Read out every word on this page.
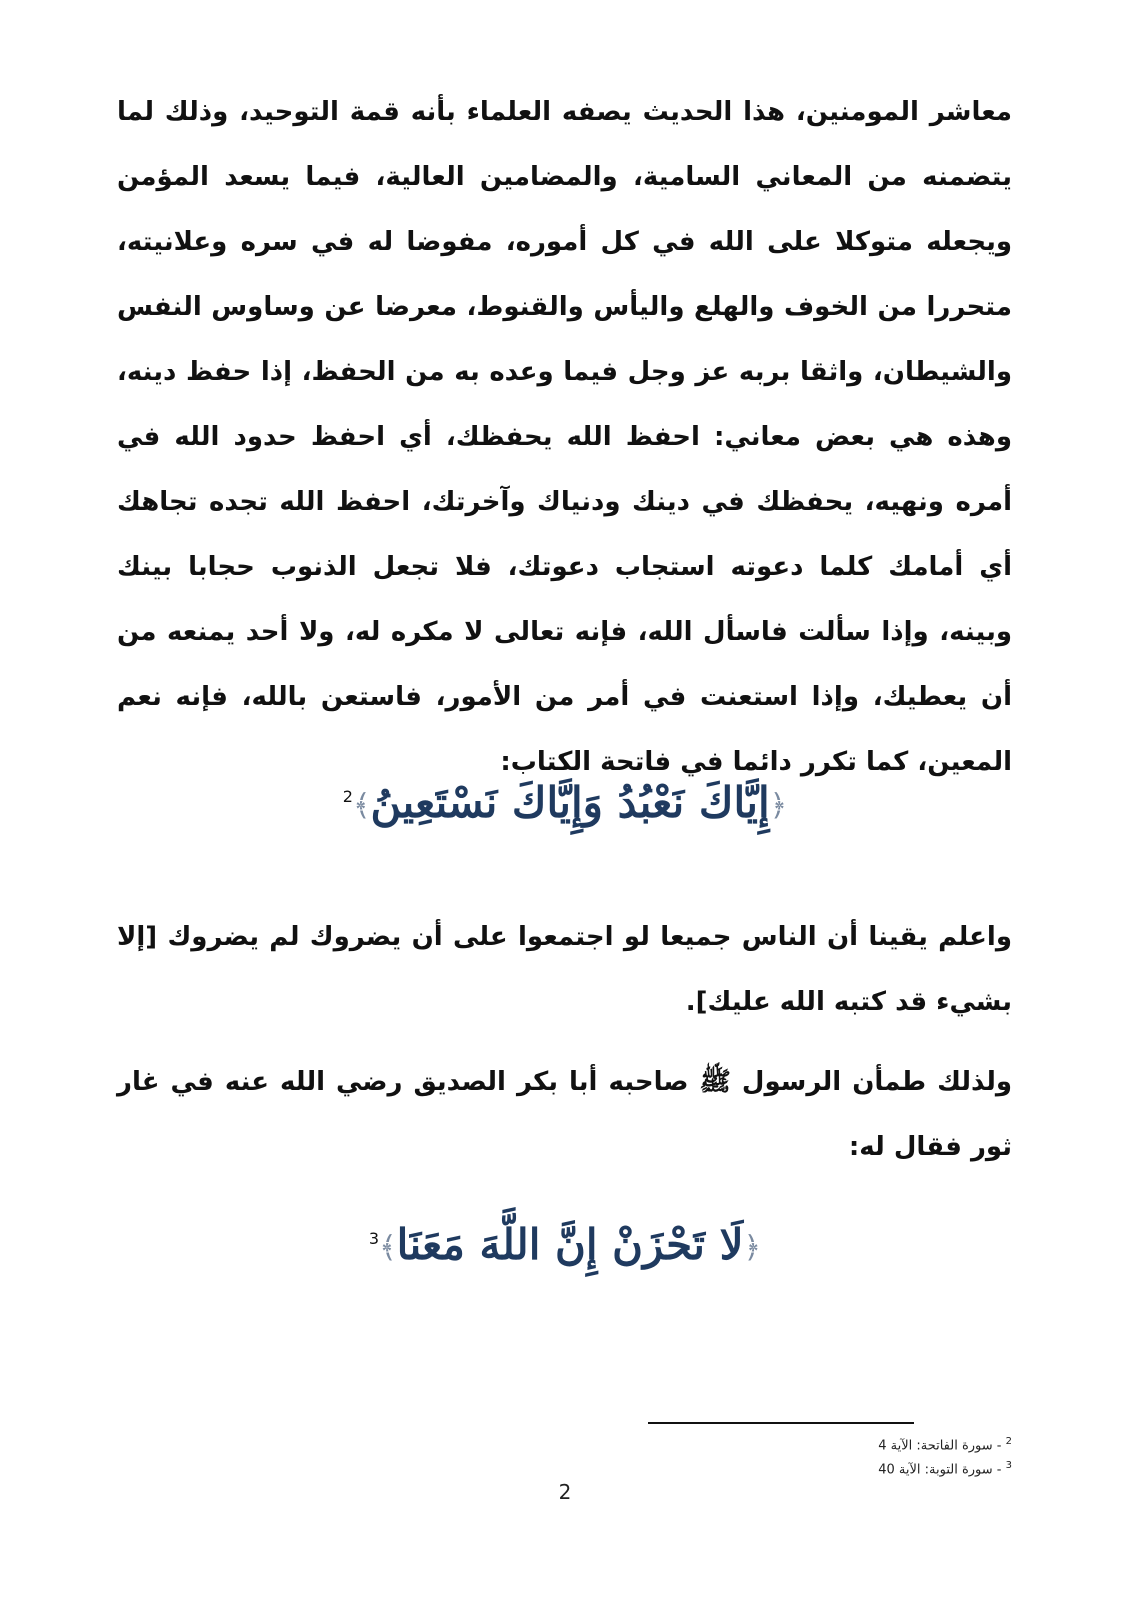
معاشر المومنين، هذا الحديث يصفه العلماء بأنه قمة التوحيد، وذلك لما يتضمنه من المعاني السامية، والمضامين العالية، فيما يسعد المؤمن ويجعله متوكلا على الله في كل أموره، مفوضا له في سره وعلانيته، متحررا من الخوف والهلع واليأس والقنوط، معرضا عن وساوس النفس والشيطان، واثقا بربه عز وجل فيما وعده به من الحفظ، إذا حفظ دينه، وهذه هي بعض معاني: احفظ الله يحفظك، أي احفظ حدود الله في أمره ونهيه، يحفظك في دينك ودنياك وآخرتك، احفظ الله تجده تجاهك أي أمامك كلما دعوته استجاب دعوتك، فلا تجعل الذنوب حجابا بينك وبينه، وإذا سألت فاسأل الله، فإنه تعالى لا مكره له، ولا أحد يمنعه من أن يعطيك، وإذا استعنت في أمر من الأمور، فاستعن بالله، فإنه نعم المعين، كما تكرر دائما في فاتحة الكتاب:

﴿إِيَّاكَ نَعْبُدُ وَإِيَّاكَ نَسْتَعِينُ﴾$^2$

واعلم يقينا أن الناس جميعا لو اجتمعوا على أن يضروك لم يضروك [إلا بشيء قد كتبه الله عليك].

ولذلك طمأن الرسول ﷺ صاحبه أبا بكر الصديق رضي الله عنه في غار ثور فقال له:

﴿لَا تَحْزَنْ إِنَّ اللَّهَ مَعَنَا﴾$^3$
$^2$ - سورة الفاتحة: الآية 4
$^3$ - سورة التوبة: الآية 40
2
